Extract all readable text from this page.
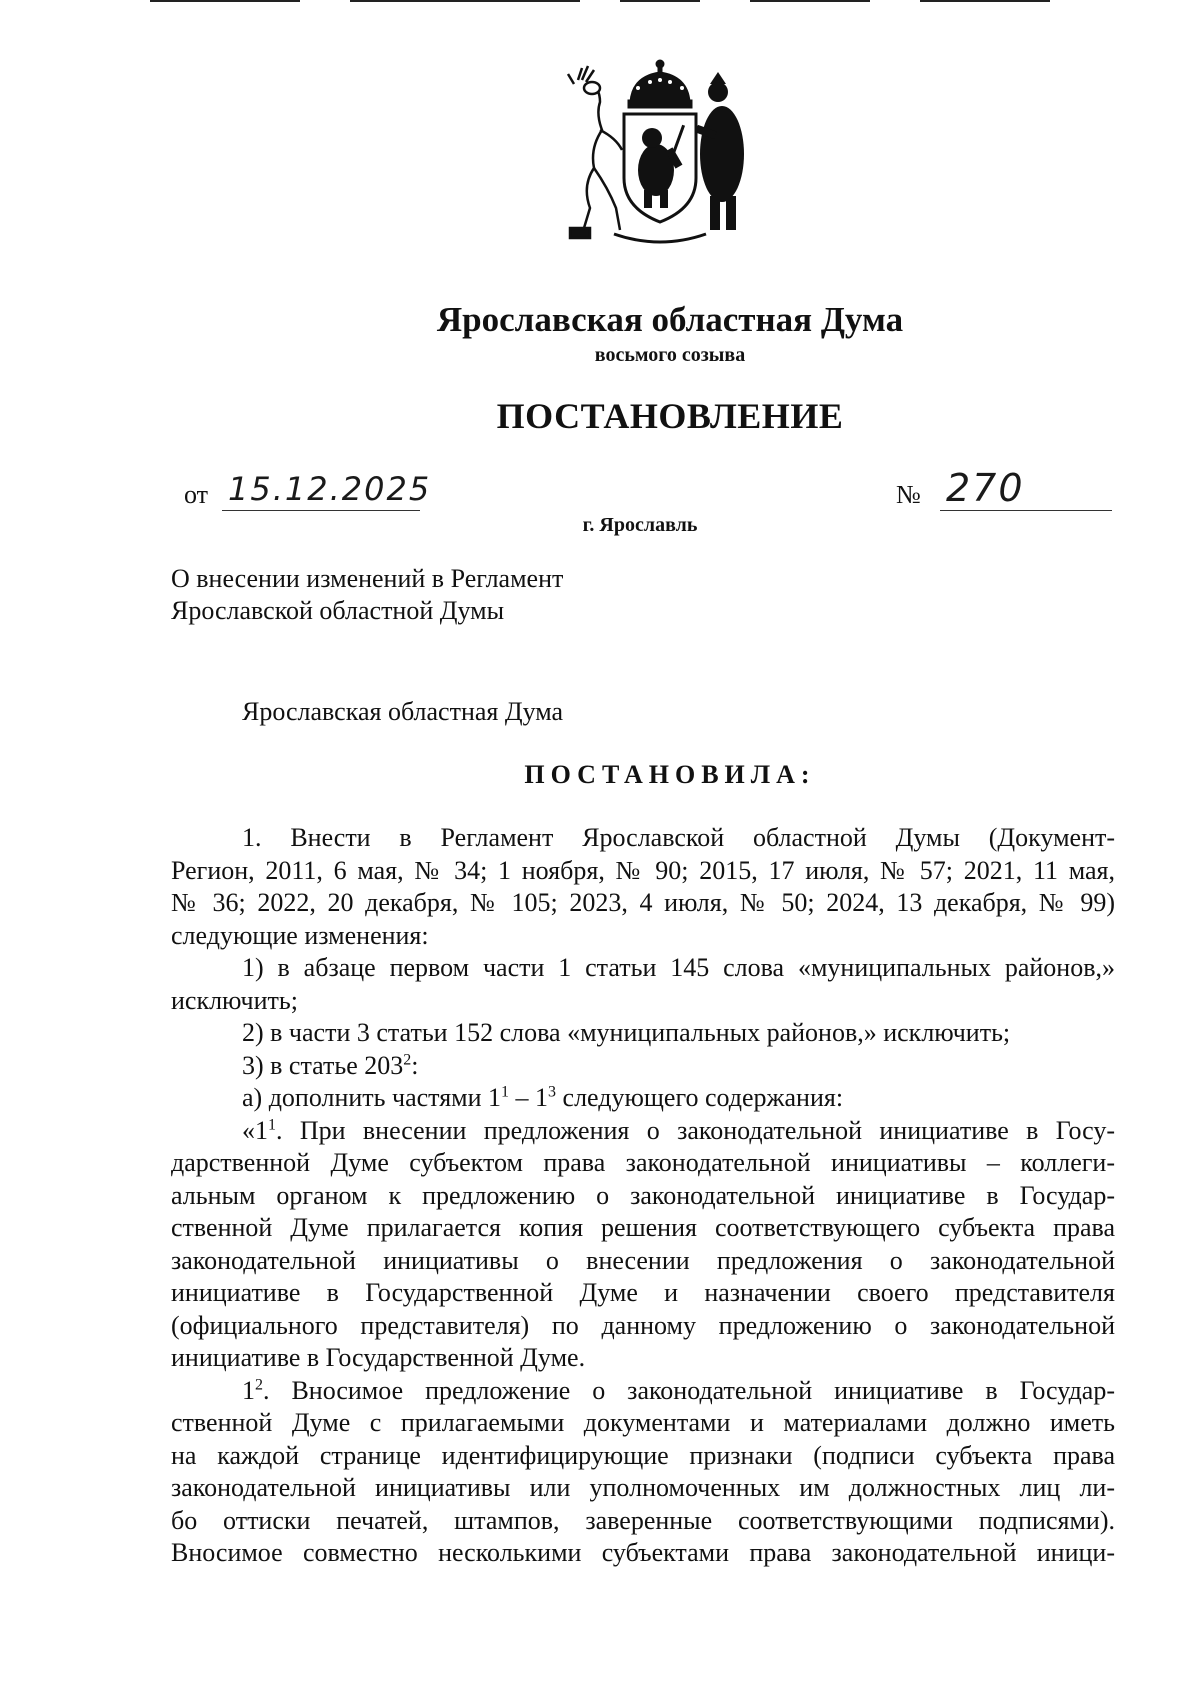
Ярославская областная Дума
восьмого созыва
ПОСТАНОВЛЕНИЕ
от 15.12.2025	№ 270
г. Ярославль
О внесении изменений в Регламент
Ярославской областной Думы
Ярославская областная Дума
ПОСТАНОВИЛА:
1. Внести в Регламент Ярославской областной Думы (Документ-
Регион, 2011, 6 мая, № 34; 1 ноября, № 90; 2015, 17 июля, № 57; 2021, 11 мая,
№ 36; 2022, 20 декабря, № 105; 2023, 4 июля, № 50; 2024, 13 декабря, № 99)
следующие изменения:
1) в абзаце первом части 1 статьи 145 слова «муниципальных районов,»
исключить;
2) в части 3 статьи 152 слова «муниципальных районов,» исключить;
3) в статье $203^2$:
а) дополнить частями $1^1 - 1^3$ следующего содержания:
«$1^1$. При внесении предложения о законодательной инициативе в Госу-
дарственной Думе субъектом права законодательной инициативы – коллеги-
альным органом к предложению о законодательной инициативе в Государ-
ственной Думе прилагается копия решения соответствующего субъекта права
законодательной инициативы о внесении предложения о законодательной
инициативе в Государственной Думе и назначении своего представителя
(официального представителя) по данному предложению о законодательной
инициативе в Государственной Думе.
$1^2$. Вносимое предложение о законодательной инициативе в Государ-
ственной Думе с прилагаемыми документами и материалами должно иметь
на каждой странице идентифицирующие признаки (подписи субъекта права
законодательной инициативы или уполномоченных им должностных лиц ли-
бо оттиски печатей, штампов, заверенные соответствующими подписями).
Вносимое совместно несколькими субъектами права законодательной иници-
